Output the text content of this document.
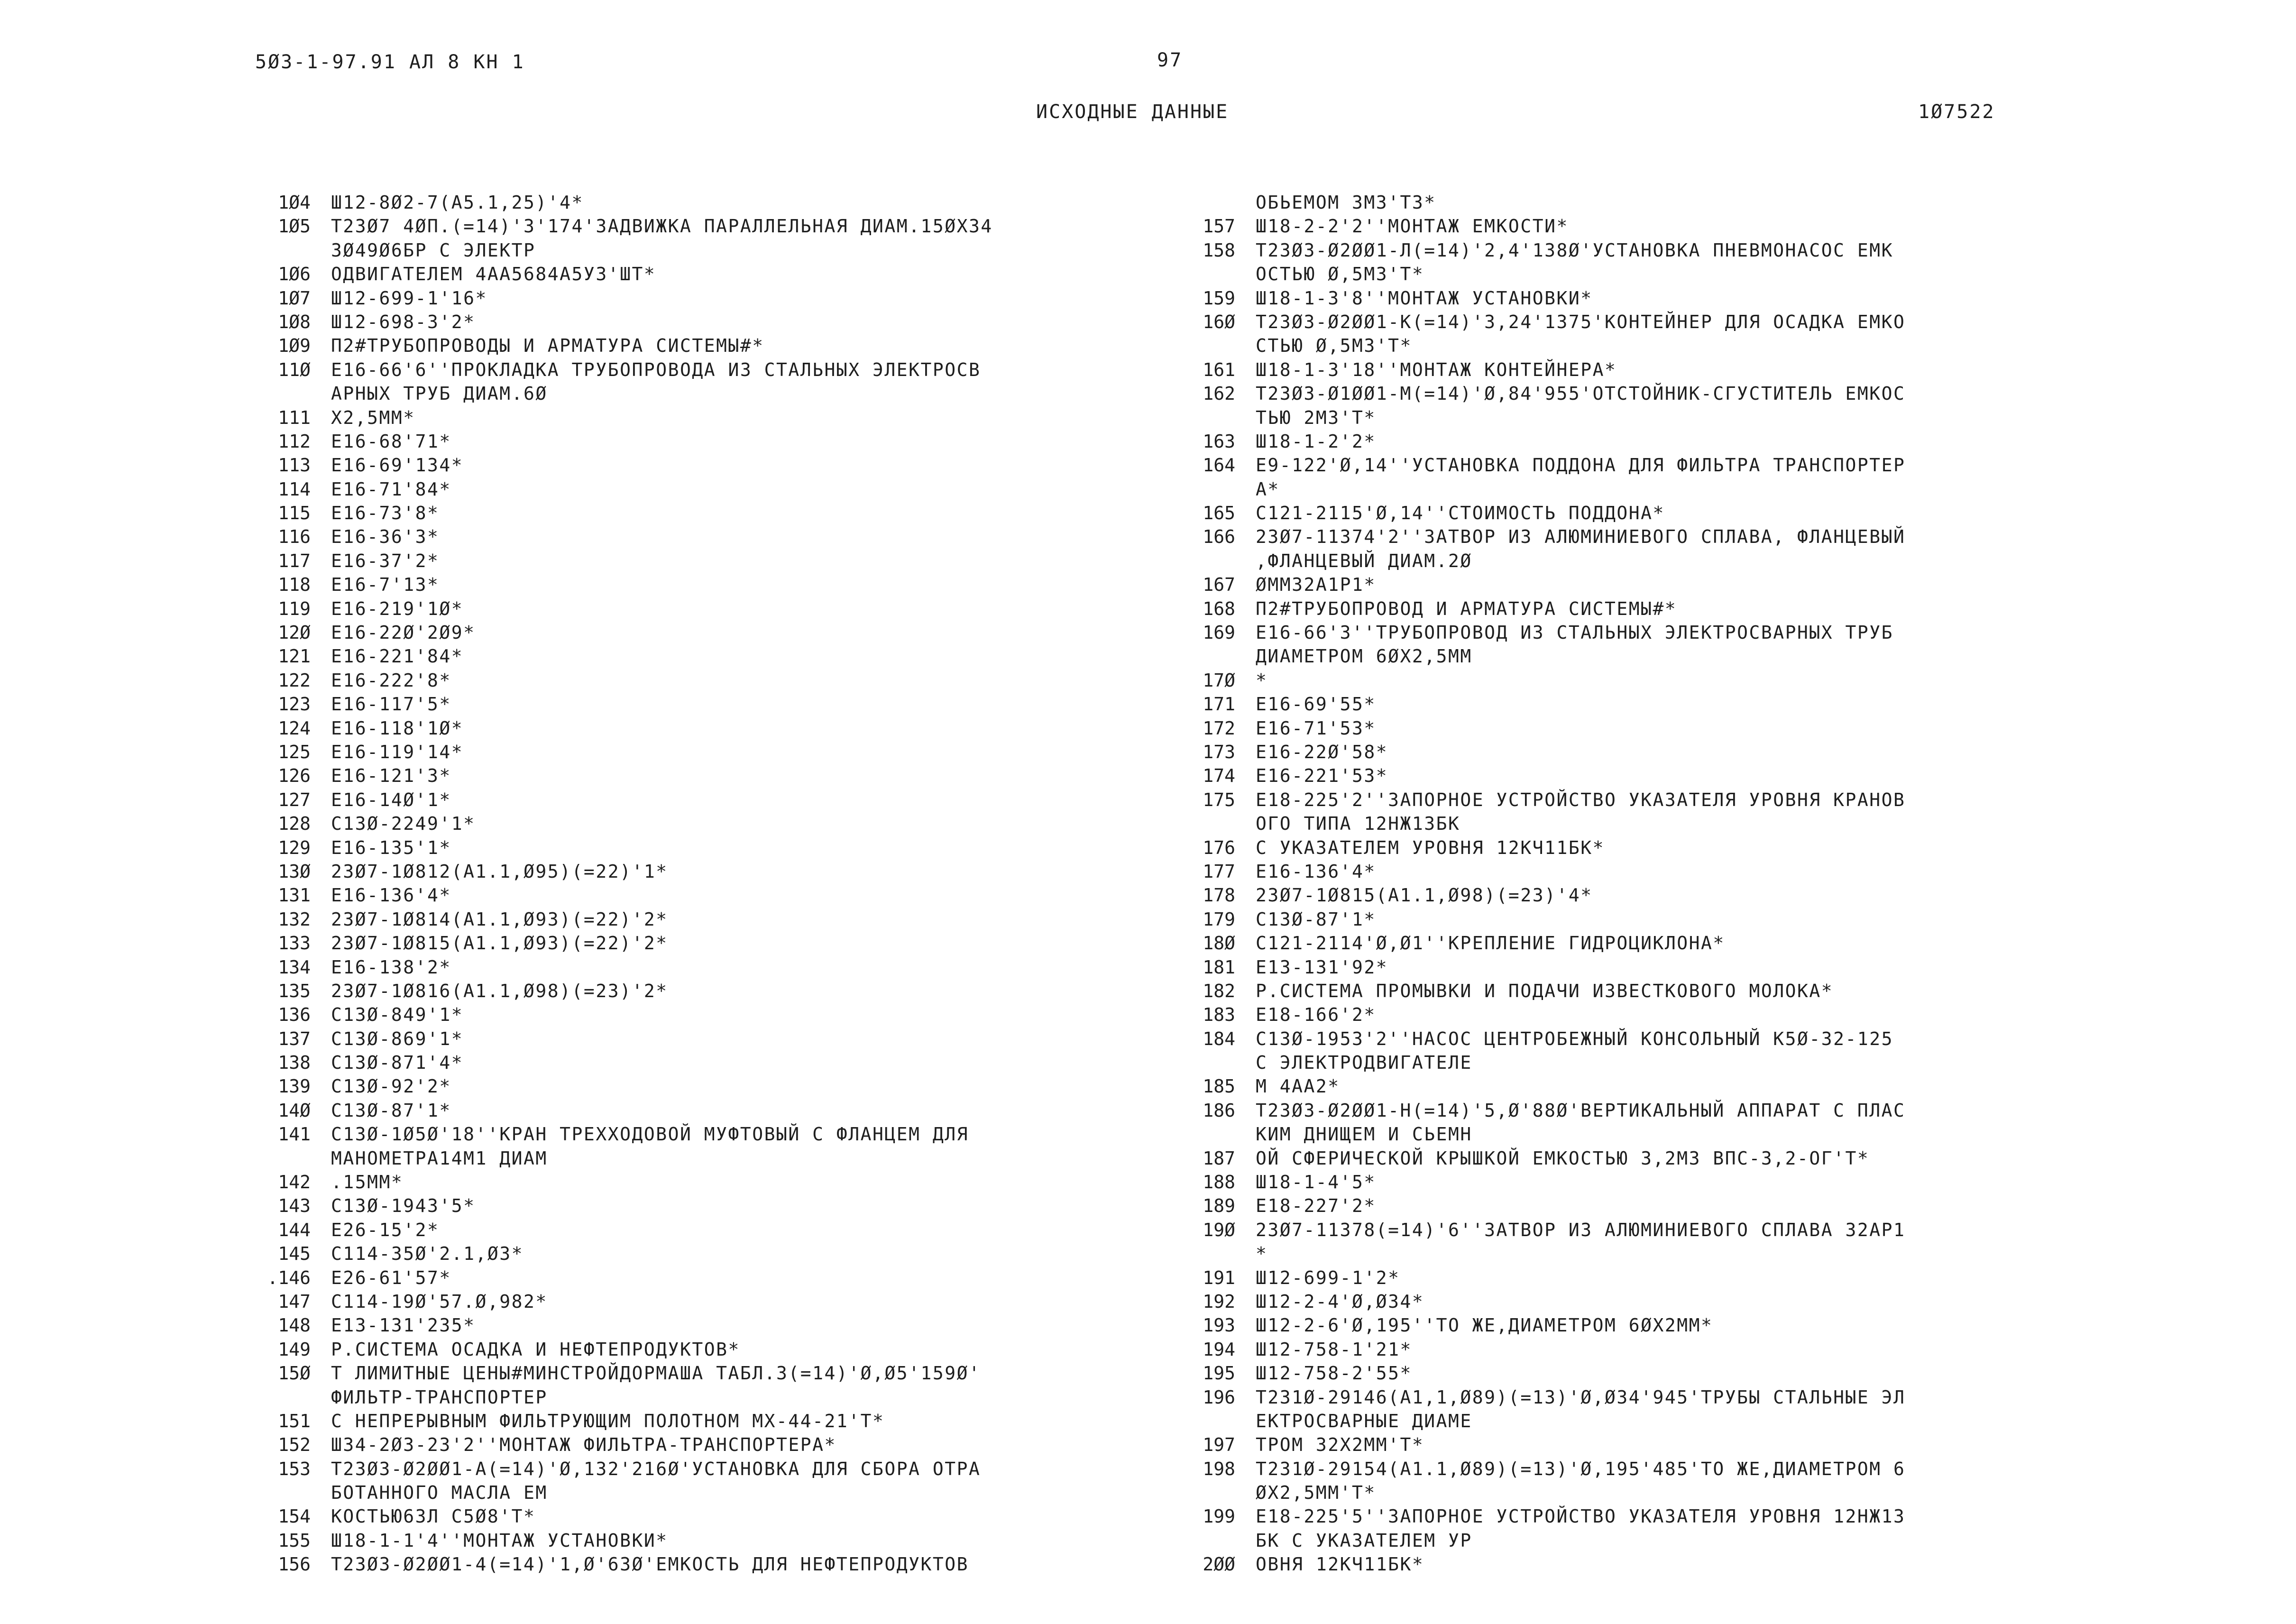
5Ø3-1-97.91 АЛ 8 КН 1	97
ИСХОДНЫЕ ДАННЫЕ	1Ø7522
1Ø4	Ш12-8Ø2-7(А5.1,25)'4*
1Ø5	Т23Ø7 4ØП.(=14)'3'174'ЗАДВИЖКА ПАРАЛЛЕЛЬНАЯ ДИАМ.15ØХ34
3Ø49Ø6БР С ЭЛЕКТР
1Ø6	ОДВИГАТЕЛЕМ 4АА5684А5У3'ШТ*
1Ø7	Ш12-699-1'16*
1Ø8	Ш12-698-3'2*
1Ø9	П2#ТРУБОПРОВОДЫ И АРМАТУРА СИСТЕМЫ#*
11Ø	Е16-66'6''ПРОКЛАДКА ТРУБОПРОВОДА ИЗ СТАЛЬНЫХ ЭЛЕКТРОСВ
АРНЫХ ТРУБ ДИАМ.6Ø
111	Х2,5ММ*
112	Е16-68'71*
113	Е16-69'134*
114	Е16-71'84*
115	Е16-73'8*
116	Е16-36'3*
117	Е16-37'2*
118	Е16-7'13*
119	Е16-219'1Ø*
12Ø	Е16-22Ø'2Ø9*
121	Е16-221'84*
122	Е16-222'8*
123	Е16-117'5*
124	Е16-118'1Ø*
125	Е16-119'14*
126	Е16-121'3*
127	Е16-14Ø'1*
128	С13Ø-2249'1*
129	Е16-135'1*
13Ø	23Ø7-1Ø812(А1.1,Ø95)(=22)'1*
131	Е16-136'4*
132	23Ø7-1Ø814(А1.1,Ø93)(=22)'2*
133	23Ø7-1Ø815(А1.1,Ø93)(=22)'2*
134	Е16-138'2*
135	23Ø7-1Ø816(А1.1,Ø98)(=23)'2*
136	С13Ø-849'1*
137	С13Ø-869'1*
138	С13Ø-871'4*
139	С13Ø-92'2*
14Ø	С13Ø-87'1*
141	С13Ø-1Ø5Ø'18''КРАН ТРЕХХОДОВОЙ МУФТОВЫЙ С ФЛАНЦЕМ ДЛЯ
МАНОМЕТРА14М1 ДИАМ
142	.15ММ*
143	С13Ø-1943'5*
144	Е26-15'2*
145	С114-35Ø'2.1,Ø3*
.146	Е26-61'57*
147	С114-19Ø'57.Ø,982*
148	Е13-131'235*
149	Р.СИСТЕМА ОСАДКА И НЕФТЕПРОДУКТОВ*
15Ø	Т ЛИМИТНЫЕ ЦЕНЫ#МИНСТРОЙДОРМАША ТАБЛ.3(=14)'Ø,Ø5'159Ø'
ФИЛЬТР-ТРАНСПОРТЕР
151	С НЕПРЕРЫВНЫМ ФИЛЬТРУЮЩИМ ПОЛОТНОМ МХ-44-21'Т*
152	Ш34-2Ø3-23'2''МОНТАЖ ФИЛЬТРА-ТРАНСПОРТЕРА*
153	Т23Ø3-Ø2ØØ1-А(=14)'Ø,132'216Ø'УСТАНОВКА ДЛЯ СБОРА ОТРА
БОТАННОГО МАСЛА ЕМ
154	КОСТЬЮ63Л С5Ø8'Т*
155	Ш18-1-1'4''МОНТАЖ УСТАНОВКИ*
156	Т23Ø3-Ø2ØØ1-4(=14)'1,Ø'63Ø'ЕМКОСТЬ ДЛЯ НЕФТЕПРОДУКТОВ
ОБЬЕМОМ 3М3'Т3*
157	Ш18-2-2'2''МОНТАЖ ЕМКОСТИ*
158	Т23Ø3-Ø2ØØ1-Л(=14)'2,4'138Ø'УСТАНОВКА ПНЕВМОНАСОС ЕМК
ОСТЬЮ Ø,5М3'Т*
159	Ш18-1-3'8''МОНТАЖ УСТАНОВКИ*
16Ø	Т23Ø3-Ø2ØØ1-К(=14)'3,24'1375'КОНТЕЙНЕР ДЛЯ ОСАДКА ЕМКО
СТЬЮ Ø,5М3'Т*
161	Ш18-1-3'18''МОНТАЖ КОНТЕЙНЕРА*
162	Т23Ø3-Ø1ØØ1-М(=14)'Ø,84'955'ОТСТОЙНИК-СГУСТИТЕЛЬ ЕМКОС
ТЬЮ 2М3'Т*
163	Ш18-1-2'2*
164	Е9-122'Ø,14''УСТАНОВКА ПОДДОНА ДЛЯ ФИЛЬТРА ТРАНСПОРТЕР
А*
165	С121-2115'Ø,14''СТОИМОСТЬ ПОДДОНА*
166	23Ø7-11374'2''ЗАТВОР ИЗ АЛЮМИНИЕВОГО СПЛАВА, ФЛАНЦЕВЫЙ
,ФЛАНЦЕВЫЙ ДИАМ.2Ø
167	ØММ32А1Р1*
168	П2#ТРУБОПРОВОД И АРМАТУРА СИСТЕМЫ#*
169	Е16-66'3''ТРУБОПРОВОД ИЗ СТАЛЬНЫХ ЭЛЕКТРОСВАРНЫХ ТРУБ
ДИАМЕТРОМ 6ØХ2,5ММ
17Ø	*
171	Е16-69'55*
172	Е16-71'53*
173	Е16-22Ø'58*
174	Е16-221'53*
175	Е18-225'2''ЗАПОРНОЕ УСТРОЙСТВО УКАЗАТЕЛЯ УРОВНЯ КРАНОВ
ОГО ТИПА 12НЖ13БК
176	С УКАЗАТЕЛЕМ УРОВНЯ 12КЧ11БК*
177	Е16-136'4*
178	23Ø7-1Ø815(А1.1,Ø98)(=23)'4*
179	С13Ø-87'1*
18Ø	С121-2114'Ø,Ø1''КРЕПЛЕНИЕ ГИДРОЦИКЛОНА*
181	Е13-131'92*
182	Р.СИСТЕМА ПРОМЫВКИ И ПОДАЧИ ИЗВЕСТКОВОГО МОЛОКА*
183	Е18-166'2*
184	С13Ø-1953'2''НАСОС ЦЕНТРОБЕЖНЫЙ КОНСОЛЬНЫЙ К5Ø-32-125
С ЭЛЕКТРОДВИГАТЕЛЕ
185	М 4АА2*
186	Т23Ø3-Ø2ØØ1-Н(=14)'5,Ø'88Ø'ВЕРТИКАЛЬНЫЙ АППАРАТ С ПЛАС
КИМ ДНИЩЕМ И СЬЕМН
187	ОЙ СФЕРИЧЕСКОЙ КРЫШКОЙ ЕМКОСТЬЮ 3,2М3 ВПС-3,2-ОГ'Т*
188	Ш18-1-4'5*
189	Е18-227'2*
19Ø	23Ø7-11378(=14)'6''ЗАТВОР ИЗ АЛЮМИНИЕВОГО СПЛАВА 32АР1
*
191	Ш12-699-1'2*
192	Ш12-2-4'Ø,Ø34*
193	Ш12-2-6'Ø,195''ТО ЖЕ,ДИАМЕТРОМ 6ØХ2ММ*
194	Ш12-758-1'21*
195	Ш12-758-2'55*
196	Т231Ø-29146(А1,1,Ø89)(=13)'Ø,Ø34'945'ТРУБЫ СТАЛЬНЫЕ ЭЛ
ЕКТРОСВАРНЫЕ ДИАМЕ
197	ТРОМ 32Х2ММ'Т*
198	Т231Ø-29154(А1.1,Ø89)(=13)'Ø,195'485'ТО ЖЕ,ДИАМЕТРОМ 6
ØХ2,5ММ'Т*
199	Е18-225'5''ЗАПОРНОЕ УСТРОЙСТВО УКАЗАТЕЛЯ УРОВНЯ 12НЖ13
БК С УКАЗАТЕЛЕМ УР
2ØØ	ОВНЯ 12КЧ11БК*
